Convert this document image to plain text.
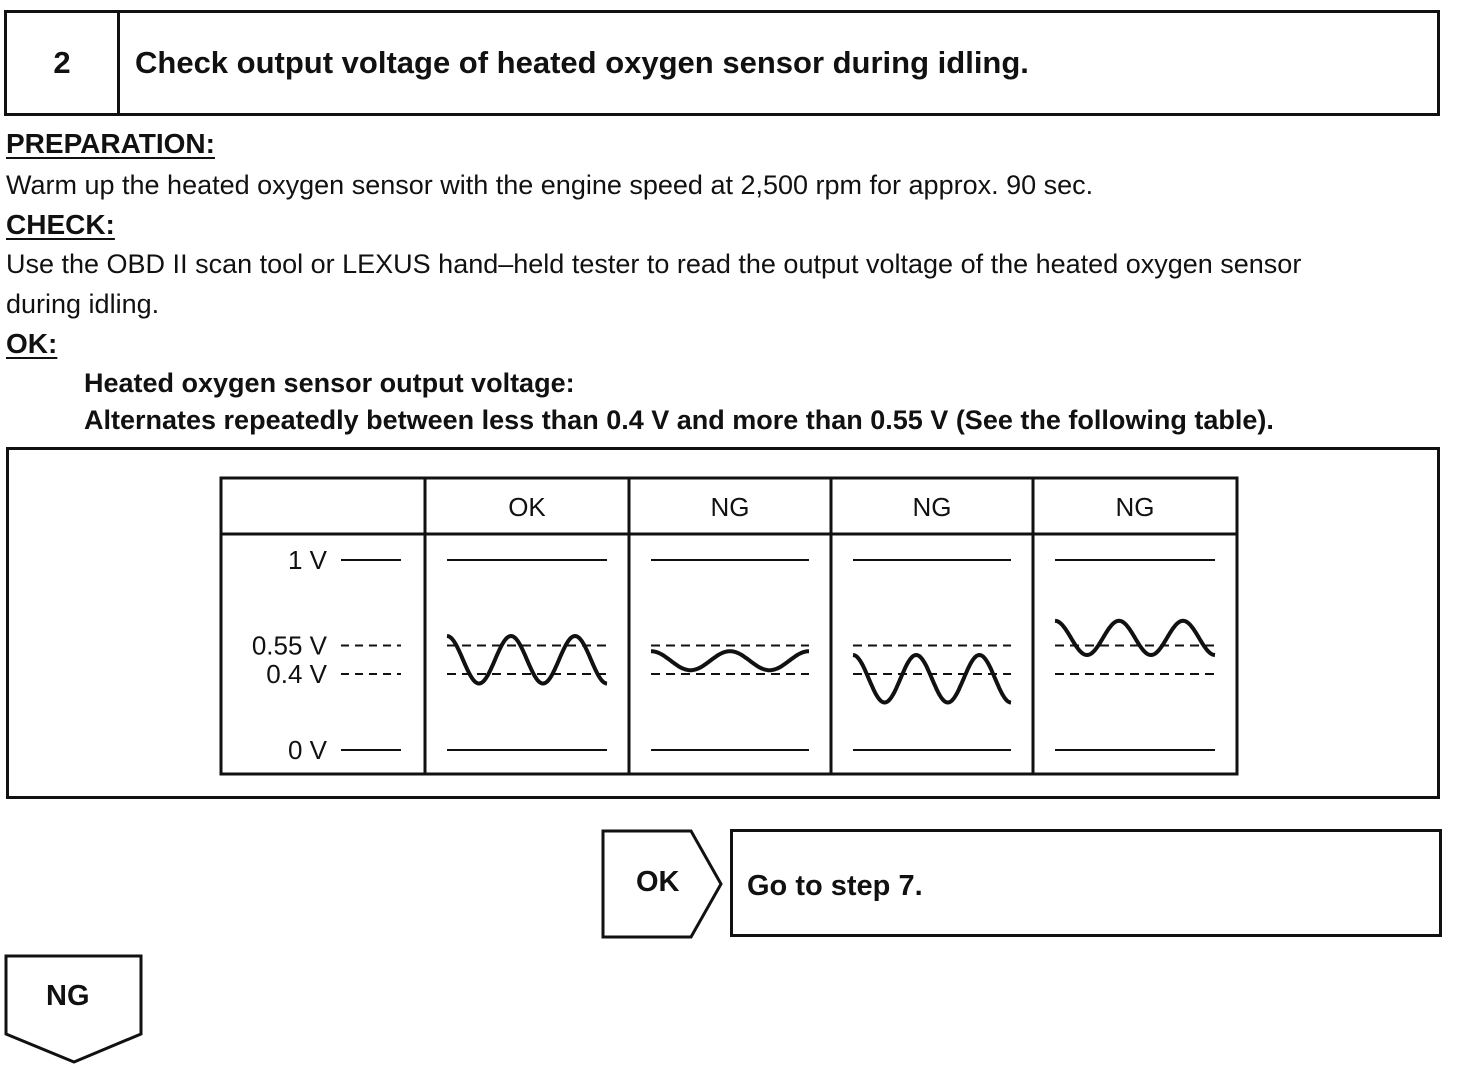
2	Check output voltage of heated oxygen sensor during idling.
PREPARATION:
Warm up the heated oxygen sensor with the engine speed at 2,500 rpm for approx. 90 sec.
CHECK:
Use the OBD II scan tool or LEXUS hand–held tester to read the output voltage of the heated oxygen sensor
during idling.
OK:
Heated oxygen sensor output voltage:
Alternates repeatedly between less than 0.4 V and more than 0.55 V (See the following table).
OK	NG	NG	NG
1 V
0.55 V
0.4 V
0 V
OK Go to step 7.
NG
